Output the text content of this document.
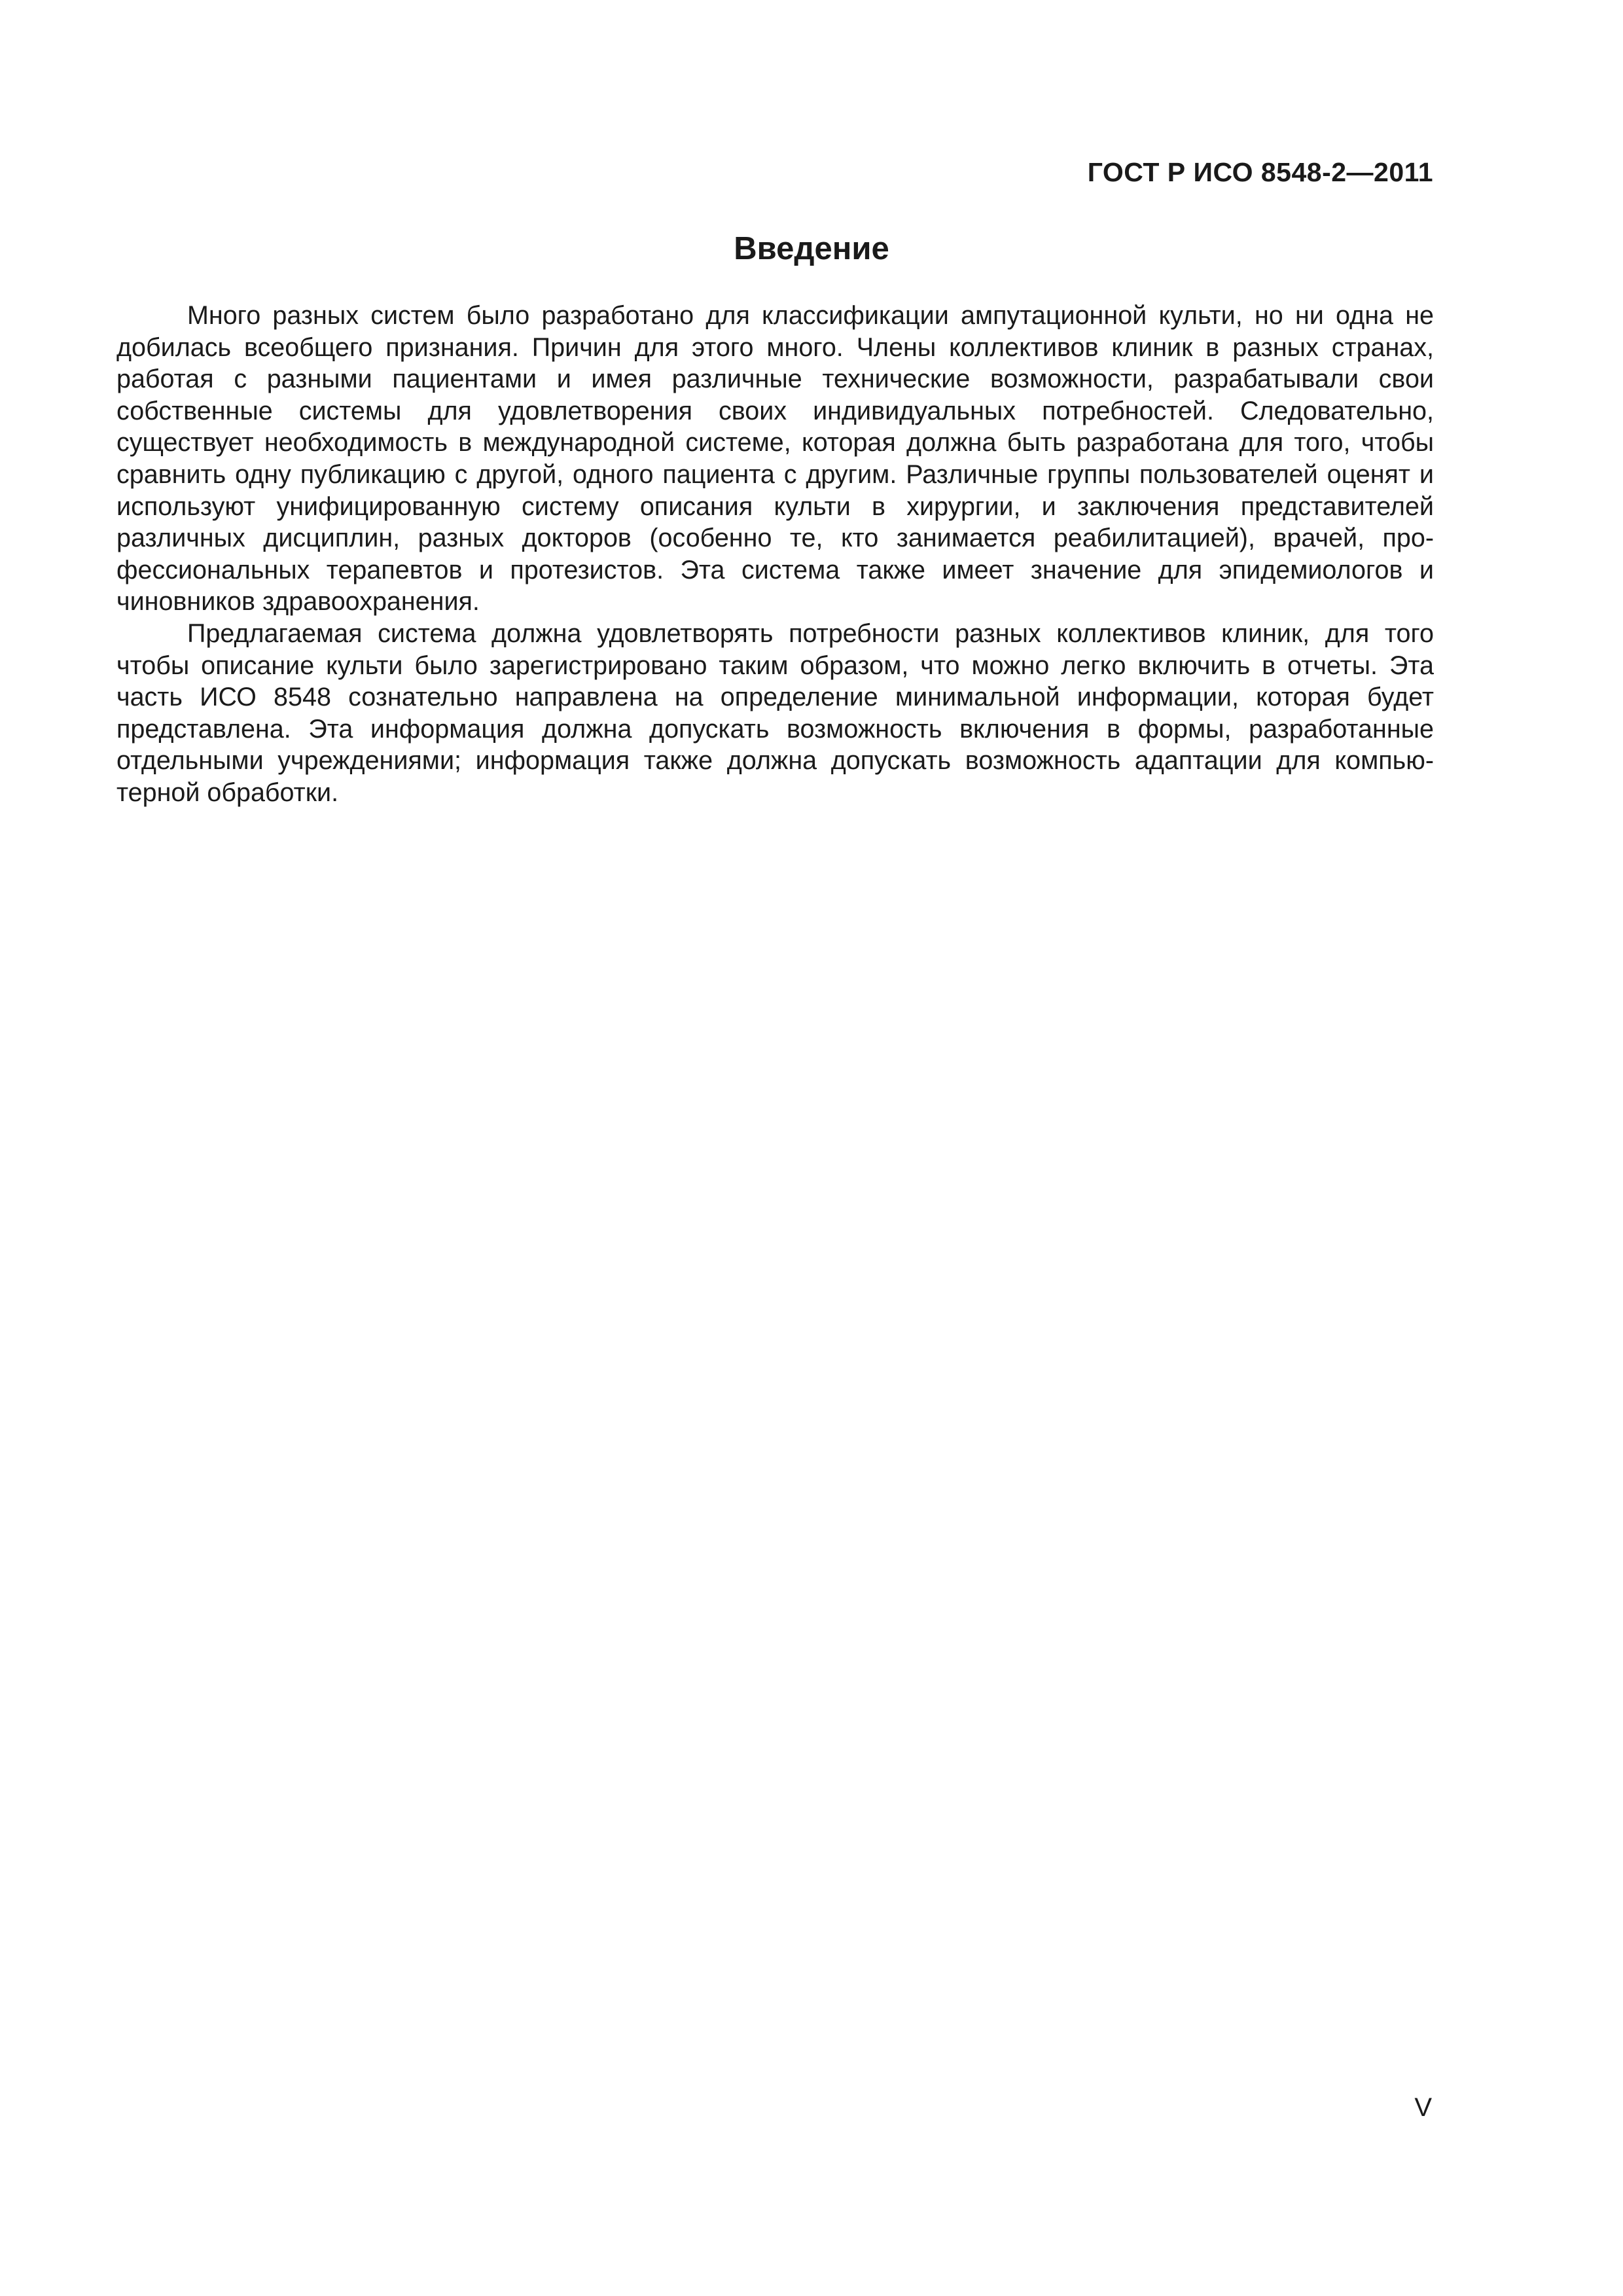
ГОСТ Р ИСО 8548-2—2011
Введение

Много разных систем было разработано для классификации ампутационной культи, но ни одна не добилась всеобщего признания. Причин для этого много. Члены коллективов клиник в разных странах, работая с разными пациентами и имея различные технические возможности, разрабатывали свои собственные системы для удовлетворения своих индивидуальных потребностей. Следовательно, существует необходимость в международной системе, которая должна быть разработана для того, чтобы сравнить одну публикацию с другой, одного пациента с другим. Различные группы пользователей оценят и используют унифицированную систему описания культи в хирургии, и заключения представителей различных дисциплин, разных докторов (особенно те, кто занимается реабилитацией), врачей, профессиональных терапевтов и протезистов. Эта система также имеет значение для эпидемиологов и чиновников здравоохранения.

Предлагаемая система должна удовлетворять потребности разных коллективов клиник, для того чтобы описание культи было зарегистрировано таким образом, что можно легко включить в отчеты. Эта часть ИСО 8548 сознательно направлена на определение минимальной информации, которая будет представлена. Эта информация должна допускать возможность включения в формы, разработанные отдельными учреждениями; информация также должна допускать возможность адаптации для компьютерной обработки.

V
